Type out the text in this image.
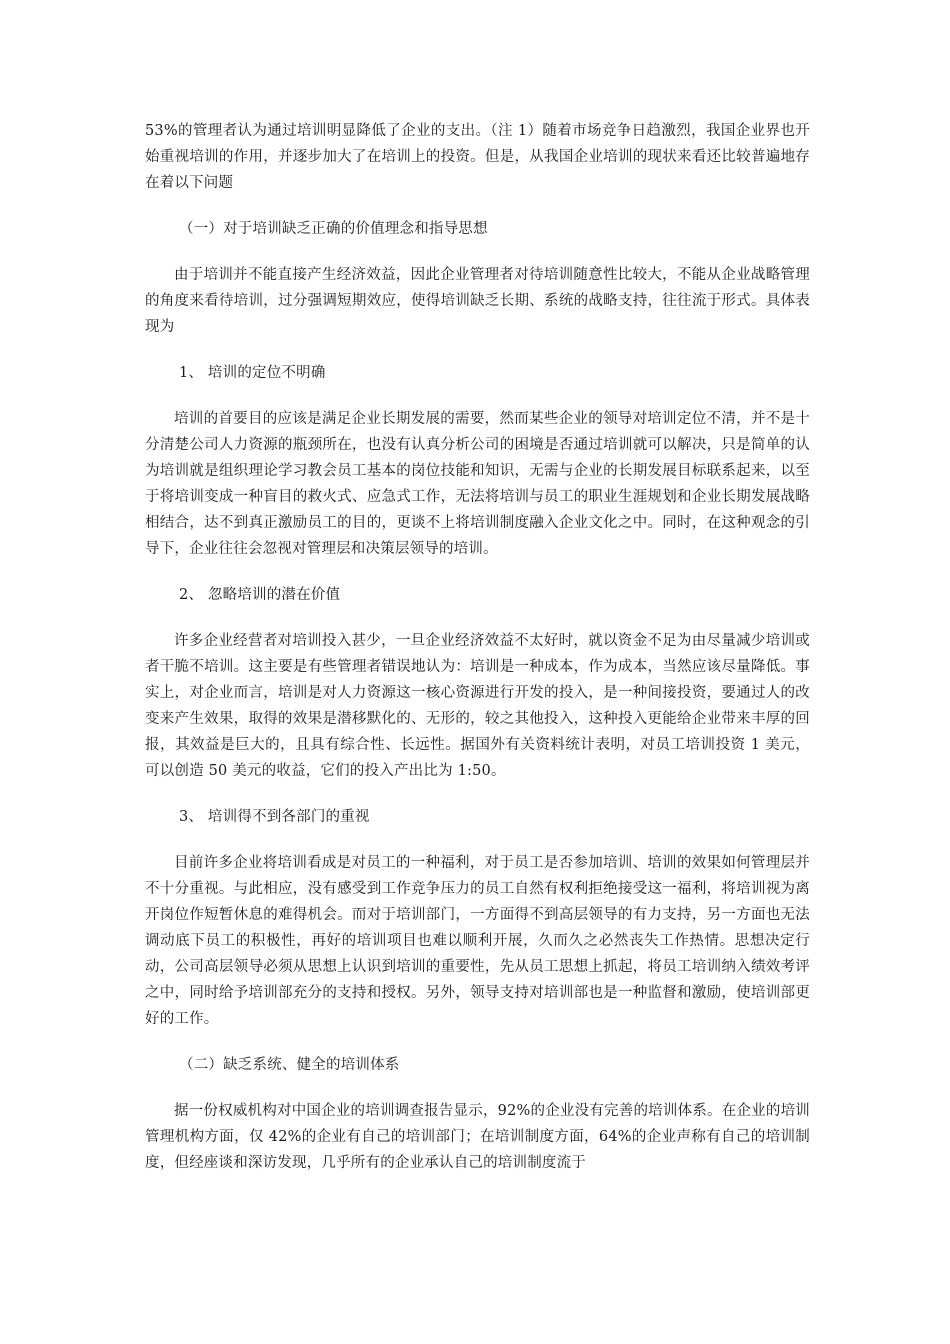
53%的管理者认为通过培训明显降低了企业的支出。（注 1）随着市场竞争日趋激烈，我国企业界也开始重视培训的作用，并逐步加大了在培训上的投资。但是，从我国企业培训的现状来看还比较普遍地存在着以下问题

（一）对于培训缺乏正确的价值理念和指导思想

由于培训并不能直接产生经济效益，因此企业管理者对待培训随意性比较大，不能从企业战略管理的角度来看待培训，过分强调短期效应，使得培训缺乏长期、系统的战略支持，往往流于形式。具体表现为

1、 培训的定位不明确

培训的首要目的应该是满足企业长期发展的需要，然而某些企业的领导对培训定位不清，并不是十分清楚公司人力资源的瓶颈所在，也没有认真分析公司的困境是否通过培训就可以解决，只是简单的认为培训就是组织理论学习教会员工基本的岗位技能和知识，无需与企业的长期发展目标联系起来，以至于将培训变成一种盲目的救火式、应急式工作，无法将培训与员工的职业生涯规划和企业长期发展战略相结合，达不到真正激励员工的目的，更谈不上将培训制度融入企业文化之中。同时，在这种观念的引导下，企业往往会忽视对管理层和决策层领导的培训。

2、 忽略培训的潜在价值

许多企业经营者对培训投入甚少，一旦企业经济效益不太好时，就以资金不足为由尽量减少培训或者干脆不培训。这主要是有些管理者错误地认为：培训是一种成本，作为成本，当然应该尽量降低。事实上，对企业而言，培训是对人力资源这一核心资源进行开发的投入，是一种间接投资，要通过人的改变来产生效果，取得的效果是潜移默化的、无形的，较之其他投入，这种投入更能给企业带来丰厚的回报，其效益是巨大的，且具有综合性、长远性。据国外有关资料统计表明，对员工培训投资 1 美元，可以创造 50 美元的收益，它们的投入产出比为 1:50。

3、 培训得不到各部门的重视

目前许多企业将培训看成是对员工的一种福利，对于员工是否参加培训、培训的效果如何管理层并不十分重视。与此相应，没有感受到工作竞争压力的员工自然有权利拒绝接受这一福利，将培训视为离开岗位作短暂休息的难得机会。而对于培训部门，一方面得不到高层领导的有力支持，另一方面也无法调动底下员工的积极性，再好的培训项目也难以顺利开展，久而久之必然丧失工作热情。思想决定行动，公司高层领导必须从思想上认识到培训的重要性，先从员工思想上抓起，将员工培训纳入绩效考评之中，同时给予培训部充分的支持和授权。另外，领导支持对培训部也是一种监督和激励，使培训部更好的工作。

（二）缺乏系统、健全的培训体系

据一份权威机构对中国企业的培训调查报告显示，92%的企业没有完善的培训体系。在企业的培训管理机构方面，仅 42%的企业有自己的培训部门；在培训制度方面，64%的企业声称有自己的培训制度，但经座谈和深访发现，几乎所有的企业承认自己的培训制度流于
